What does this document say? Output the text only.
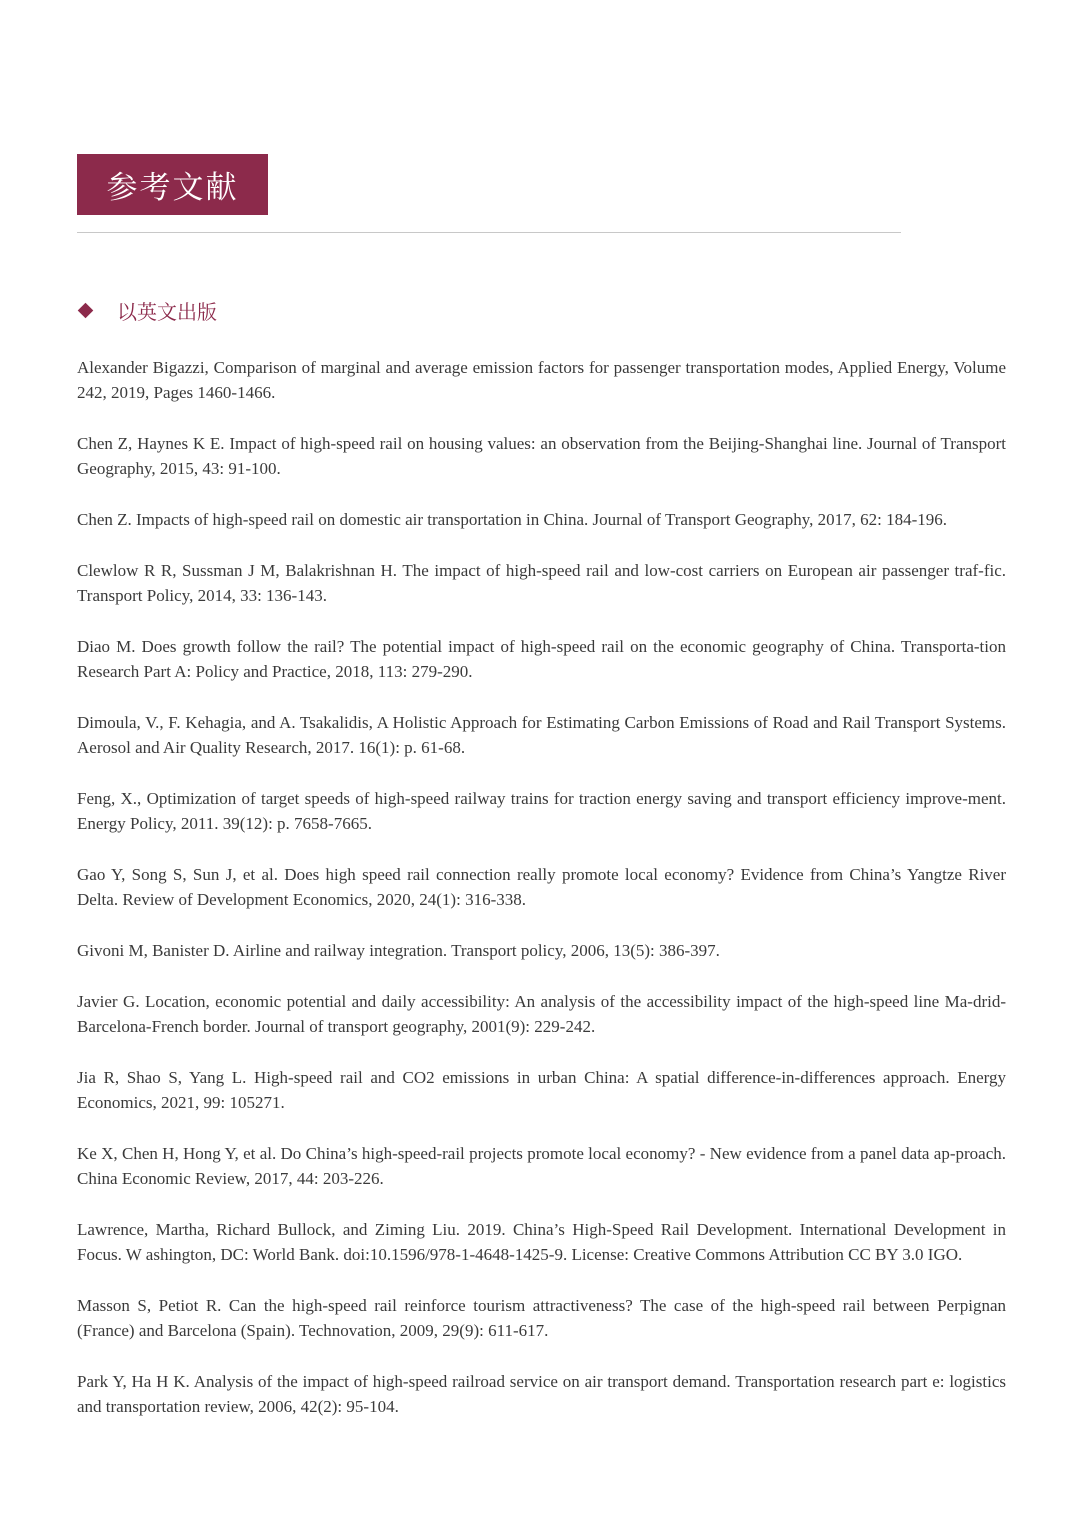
参考文献
以英文出版
Alexander Bigazzi, Comparison of marginal and average emission factors for passenger transportation modes, Applied Energy, Volume 242, 2019, Pages 1460-1466.
Chen Z, Haynes K E. Impact of high-speed rail on housing values: an observation from the Beijing-Shanghai line. Journal of Transport Geography, 2015, 43: 91-100.
Chen Z. Impacts of high-speed rail on domestic air transportation in China. Journal of Transport Geography, 2017, 62: 184-196.
Clewlow R R, Sussman J M, Balakrishnan H. The impact of high-speed rail and low-cost carriers on European air passenger traf-fic. Transport Policy, 2014, 33: 136-143.
Diao M. Does growth follow the rail? The potential impact of high-speed rail on the economic geography of China. Transporta-tion Research Part A: Policy and Practice, 2018, 113: 279-290.
Dimoula, V., F. Kehagia, and A. Tsakalidis, A Holistic Approach for Estimating Carbon Emissions of Road and Rail Transport Systems. Aerosol and Air Quality Research, 2017. 16(1): p. 61-68.
Feng, X., Optimization of target speeds of high-speed railway trains for traction energy saving and transport efficiency improve-ment. Energy Policy, 2011. 39(12): p. 7658-7665.
Gao Y, Song S, Sun J, et al. Does high speed rail connection really promote local economy? Evidence from China’s Yangtze River Delta. Review of Development Economics, 2020, 24(1): 316-338.
Givoni M, Banister D. Airline and railway integration. Transport policy, 2006, 13(5): 386-397.
Javier G. Location, economic potential and daily accessibility: An analysis of the accessibility impact of the high-speed line Ma-drid-Barcelona-French border. Journal of transport geography, 2001(9): 229-242.
Jia R, Shao S, Yang L. High-speed rail and CO2 emissions in urban China: A spatial difference-in-differences approach. Energy Economics, 2021, 99: 105271.
Ke X, Chen H, Hong Y, et al. Do China’s high-speed-rail projects promote local economy? - New evidence from a panel data ap-proach. China Economic Review, 2017, 44: 203-226.
Lawrence, Martha, Richard Bullock, and Ziming Liu. 2019. China’s High-Speed Rail Development. International Development in Focus. W ashington, DC: World Bank. doi:10.1596/978-1-4648-1425-9. License: Creative Commons Attribution CC BY 3.0 IGO.
Masson S, Petiot R. Can the high-speed rail reinforce tourism attractiveness? The case of the high-speed rail between Perpignan (France) and Barcelona (Spain). Technovation, 2009, 29(9): 611-617.
Park Y, Ha H K. Analysis of the impact of high-speed railroad service on air transport demand. Transportation research part e: logistics and transportation review, 2006, 42(2): 95-104.
